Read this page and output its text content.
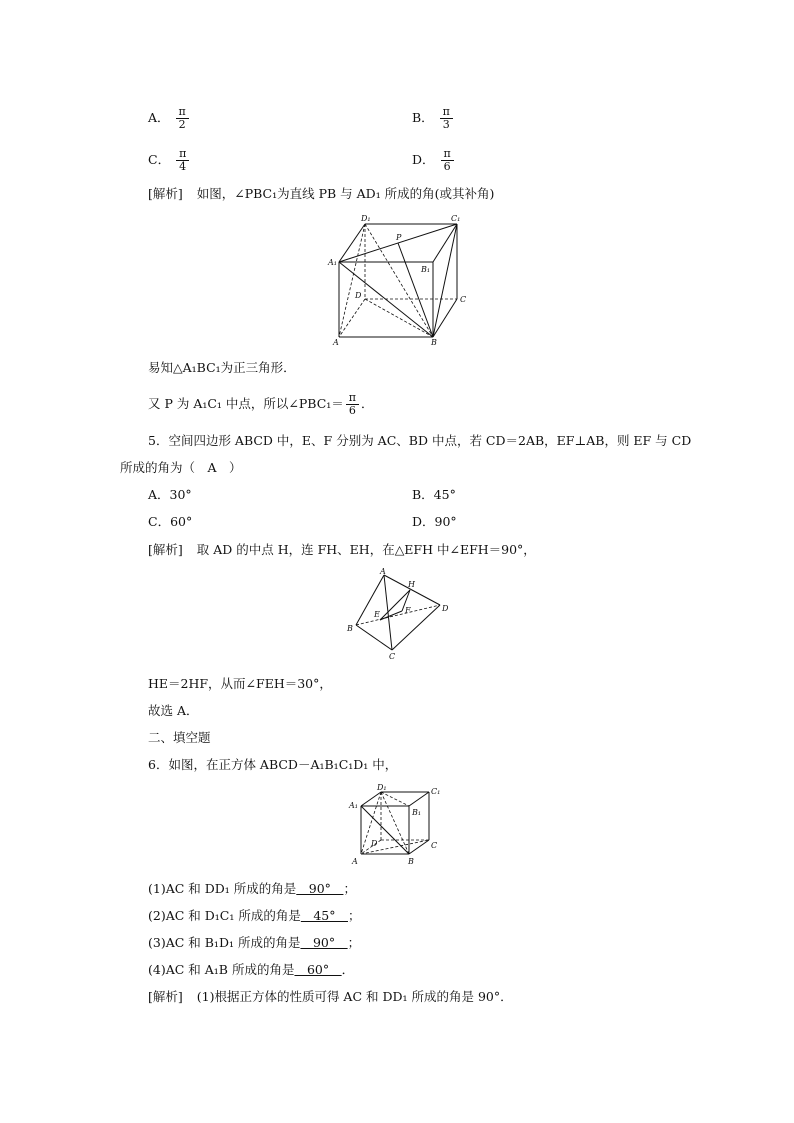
A． $\frac{\pi}{2}$	B． $\frac{\pi}{3}$
C． $\frac{\pi}{4}$	D． $\frac{\pi}{6}$
[解析] 如图，∠PBC₁为直线 PB 与 AD₁ 所成的角(或其补角)
D₁	C₁
P
A₁
B₁
D	C
A	B
易知△A₁BC₁为正三角形．
又 P 为 A₁C₁ 中点，所以∠PBC₁＝ $\frac{\pi}{6}$ ．
5．空间四边形 ABCD 中，E、F 分别为 AC、BD 中点，若 CD＝2AB，EF⊥AB，则 EF 与 CD
所成的角为（　A　）
A．30°	B．45°
C．60°	D．90°
[解析] 取 AD 的中点 H，连 FH、EH，在△EFH 中∠EFH＝90°，
A
H
E	F	D
B
C
HE＝2HF，从而∠FEH＝30°，
故选 A．
二、填空题
6．如图，在正方体 ABCD－A₁B₁C₁D₁ 中，
D₁	C₁
A₁
B₁
D	C
A	B
(1)AC 和 DD₁ 所成的角是　90°　；
(2)AC 和 D₁C₁ 所成的角是　45°　；
(3)AC 和 B₁D₁ 所成的角是　90°　；
(4)AC 和 A₁B 所成的角是　60°　．
[解析] (1)根据正方体的性质可得 AC 和 DD₁ 所成的角是 90°．
